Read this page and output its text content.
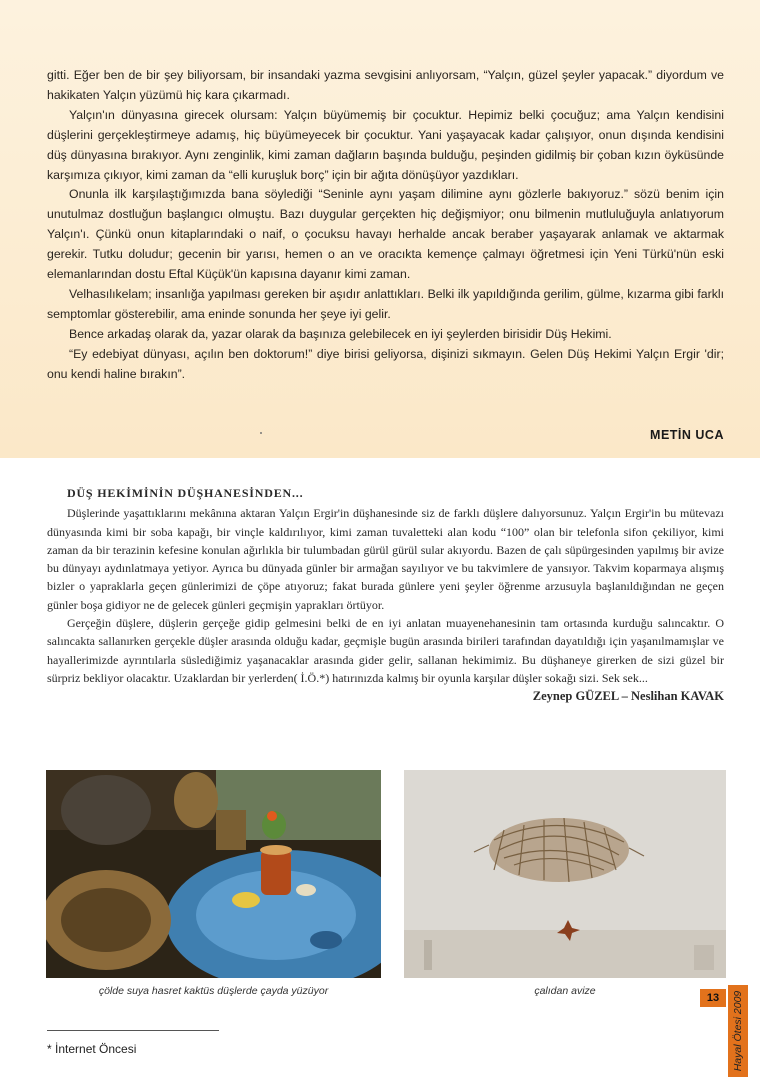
gitti. Eğer ben de bir şey biliyorsam, bir insandaki yazma sevgisini anlıyorsam, “Yalçın, güzel şeyler yapacak.” diyordum ve hakikaten Yalçın yüzümü hiç kara çıkarmadı.

Yalçın'ın dünyasına girecek olursam: Yalçın büyümemiş bir çocuktur. Hepimiz belki çocuğuz; ama Yalçın kendisini düşlerini gerçekleştirmeye adamış, hiç büyümeyecek bir çocuktur. Yani yaşayacak kadar çalışıyor, onun dışında kendisini düş dünyasına bırakıyor. Aynı zenginlik, kimi zaman dağların başında bulduğu, peşinden gidilmiş bir çoban kızın öyküsünde karşımıza çıkıyor, kimi zaman da “elli kuruşluk borç” için bir ağıta dönüşüyor yazdıkları.

Onunla ilk karşılaştığımızda bana söylediği “Seninle aynı yaşam dilimine aynı gözlerle bakıyoruz.” sözü benim için unutulmaz dostluğun başlangıcı olmuştu. Bazı duygular gerçekten hiç değişmiyor; onu bilmenin mutluluğuyla anlatıyorum Yalçın'ı. Çünkü onun kitaplarındaki o naif, o çocuksu havayı herhalde ancak beraber yaşayarak anlamak ve aktarmak gerekir. Tutku doludur; gecenin bir yarısı, hemen o an ve oracıkta kemençe çalmayı öğretmesi için Yeni Türkü'nün eski elemanlarından dostu Eftal Küçük'ün kapısına dayanır kimi zaman.

Velhasılıkelam; insanlığa yapılması gereken bir aşıdır anlattıkları. Belki ilk yapıldığında gerilim, gülme, kızarma gibi farklı semptomlar gösterebilir, ama eninde sonunda her şeye iyi gelir.

Bence arkadaş olarak da, yazar olarak da başınıza gelebilecek en iyi şeylerden birisidir Düş Hekimi.

“Ey edebiyat dünyası, açılın ben doktorum!” diye birisi geliyorsa, dişinizi sıkmayın. Gelen Düş Hekimi Yalçın Ergir 'dir; onu kendi haline bırakın”.

METİN UCA
DÜŞ HEKİMİNİN DÜŞHANESİNDEN...

Düşlerinde yaşattıklarını mekânına aktaran Yalçın Ergir'in düşhanesinde siz de farklı düşlere dalıyorsunuz. Yalçın Ergir'in bu mütevazı dünyasında kimi bir soba kapağı, bir vinçle kaldırılıyor, kimi zaman tuvaletteki alan kodu “100” olan bir telefonla sifon çekiliyor, kimi zaman da bir terazinin kefesine konulan ağırlıkla bir tulumbadan gürül gürül sular akıyordu. Bazen de çalı süpürgesinden yapılmış bir avize bu dünyayı aydınlatmaya yetiyor. Ayrıca bu dünyada günler bir armağan sayılıyor ve bu takvimlere de yansıyor. Takvim koparmaya alışmış bizler o yapraklarla geçen günlerimizi de çöpe atıyoruz; fakat burada günlere yeni şeyler öğrenme arzusuyla başlanıldığından ne geçen günler boşa gidiyor ne de gelecek günleri geçmişin yaprakları örtüyor.

Gerçeğin düşlere, düşlerin gerçeğe gidip gelmesini belki de en iyi anlatan muayenehanesinin tam ortasında kurduğu salıncaktır. O salıncakta sallanırken gerçekle düşler arasında olduğu kadar, geçmişle bugün arasında birileri tarafından dayatıldığı için yaşanılmamışlar ve hayallerimizde ayrıntılarla süslediğimiz yaşanacaklar arasında gider gelir, sallanan hekimimiz. Bu düşhaneye girerken de sizi güzel bir sürpriz bekliyor olacaktır. Uzaklardan bir yerlerden( İ.Ö.*) hatırınızda kalmış bir oyunla karşılar düşler sokağı sizi. Sek sek...

Zeynep GÜZEL – Neslihan KAVAK
çölde suya hasret kaktüs düşlerde çayda yüzüyor	çalıdan avize
* İnternet Öncesi
13	Hayal Ötesi 2009
